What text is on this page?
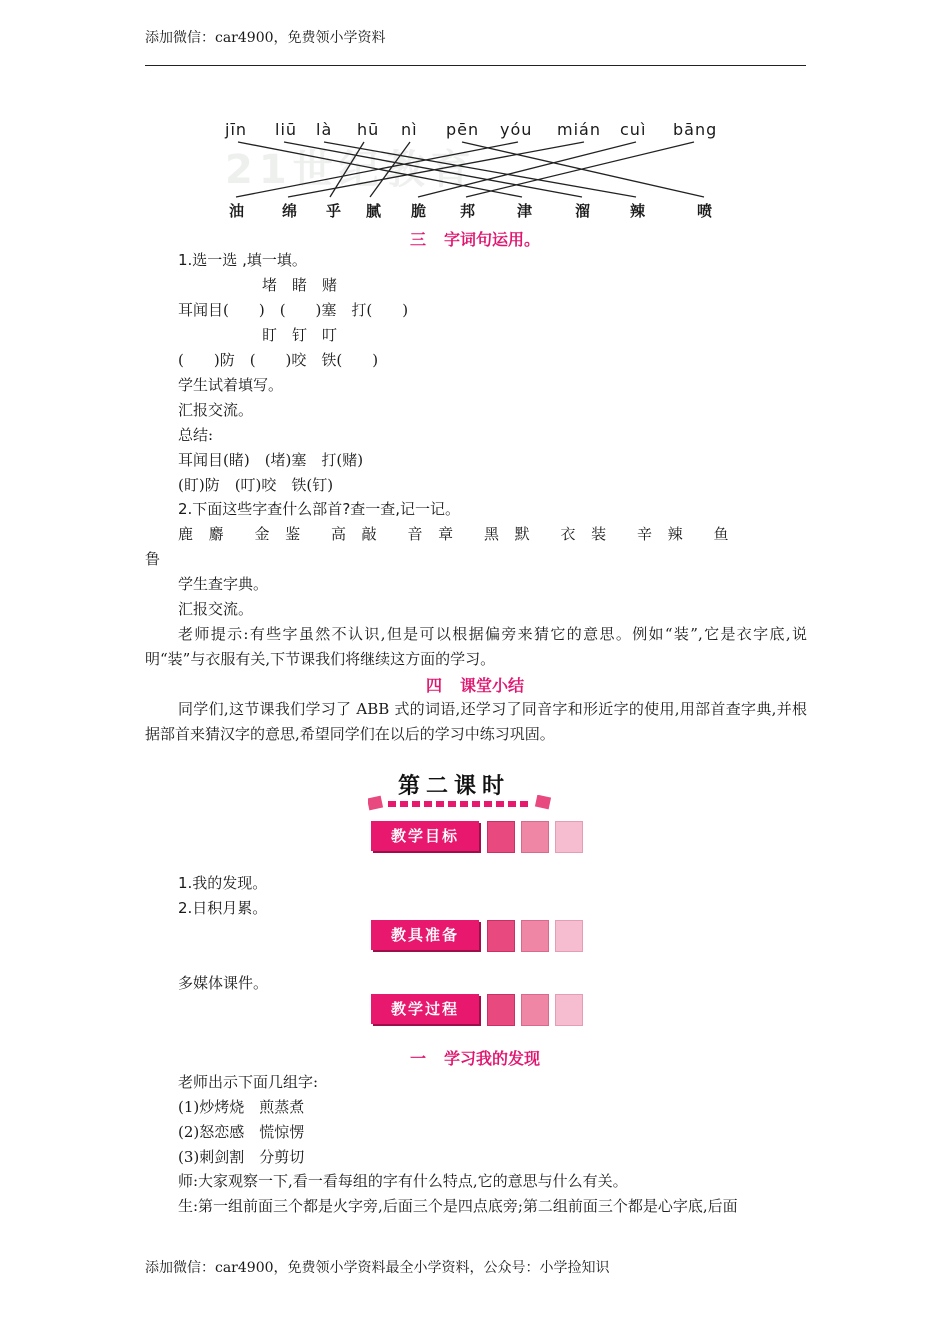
添加微信：car4900，免费领小学资料
21世纪教育
jīn liū là hū nì pēn yóu mián cuì bāng
油	绵 乎 腻 脆 邦	津	溜	辣	喷
三 字词句运用。
1.选一选 ,填一填。
堵　睹　赌
耳闻目(　　)　(　　)塞　打(　　)
盯　钉　叮
(　　)防　(　　)咬　铁(　　)
学生试着填写。
汇报交流。
总结:
耳闻目(睹)　(堵)塞　打(赌)
(盯)防　(叮)咬　铁(钉)
2.下面这些字查什么部首?查一查,记一记。
鹿　麝　　金　鉴　　高　敲　　音　章　　黑　默　　衣　装　　辛　辣　　鱼
鲁
学生查字典。
汇报交流。
老师提示:有些字虽然不认识,但是可以根据偏旁来猜它的意思。例如“装”,它是衣字底,说明“装”与衣服有关,下节课我们将继续这方面的学习。
四 课堂小结
同学们,这节课我们学习了 ABB 式的词语,还学习了同音字和形近字的使用,用部首查字典,并根据部首来猜汉字的意思,希望同学们在以后的学习中练习巩固。
第二课时
教学目标
1.我的发现。
2.日积月累。
教具准备
多媒体课件。
教学过程
一 学习我的发现
老师出示下面几组字:
(1)炒烤烧　煎蒸煮
(2)怒恋感　慌惊愣
(3)刺剑割　分剪切
师:大家观察一下,看一看每组的字有什么特点,它的意思与什么有关。
生:第一组前面三个都是火字旁,后面三个是四点底旁;第二组前面三个都是心字底,后面
添加微信：car4900，免费领小学资料最全小学资料，公众号：小学捡知识
